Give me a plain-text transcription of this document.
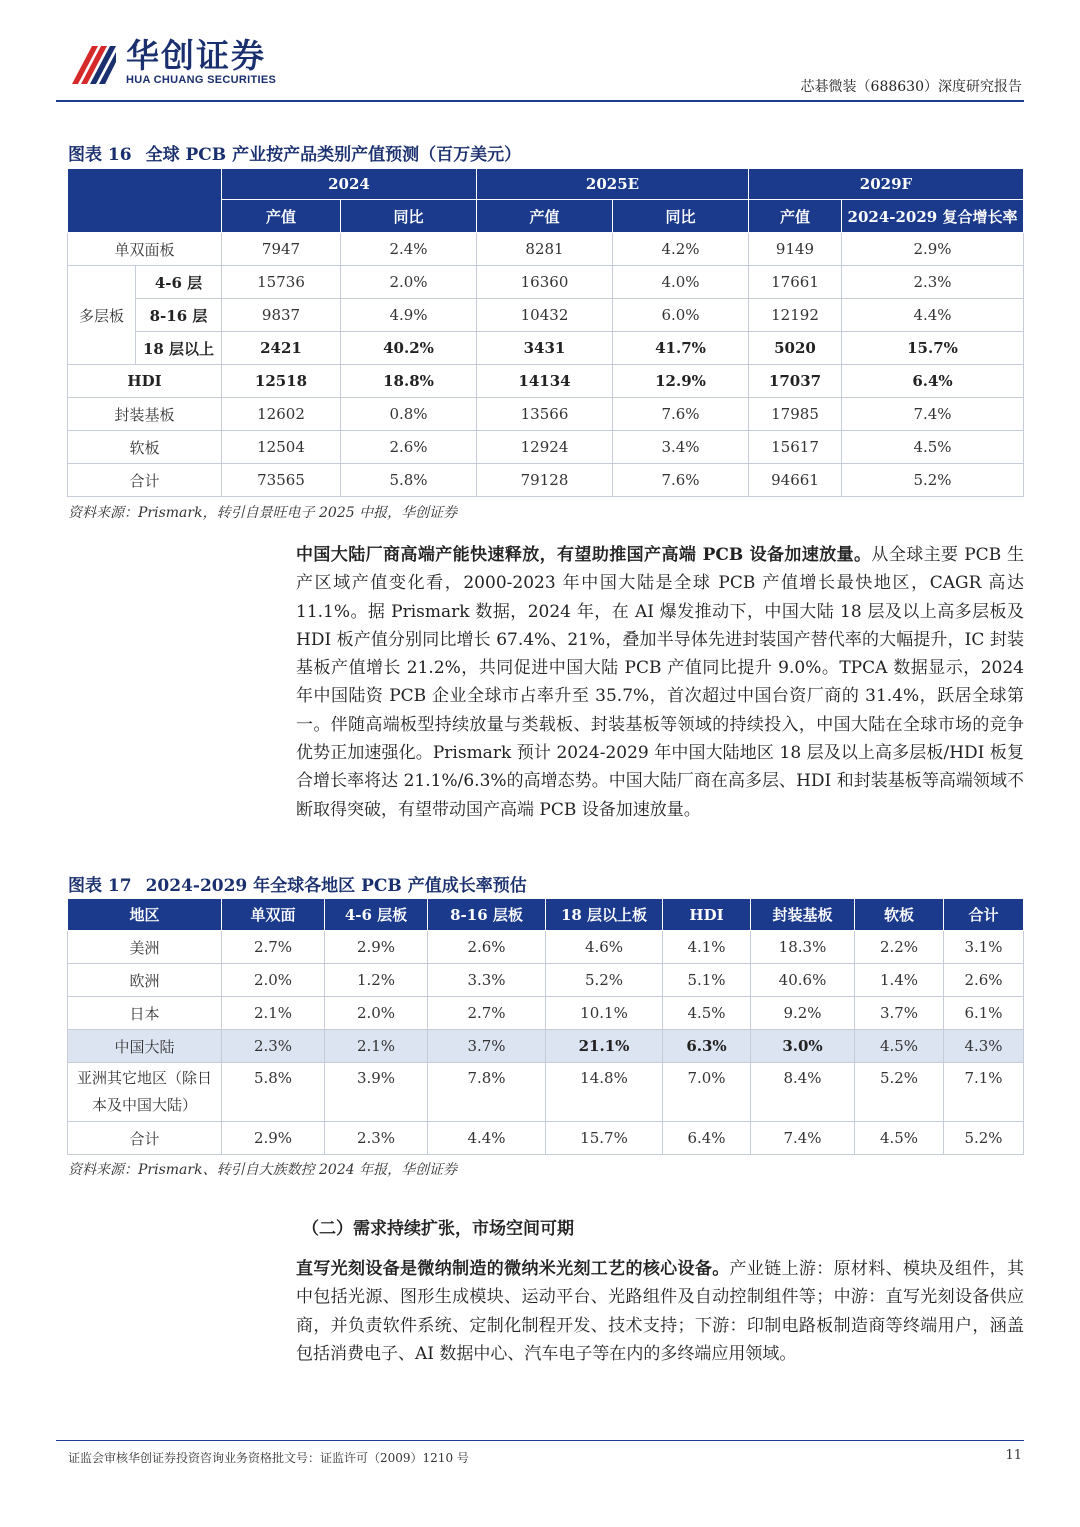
华创证券
HUA CHUANG SECURITIES	芯碁微装（688630）深度研究报告
图表 16 全球 PCB 产业按产品类别产值预测（百万美元）
		2024		2025E		2029F	
		产值	同比	产值	同比	产值	2024-2029 复合增长率
单双面板		7947	2.4%	8281	4.2%	9149	2.9%
多层板	4-6 层	15736	2.0%	16360	4.0%	17661	2.3%
	8-16 层	9837	4.9%	10432	6.0%	12192	4.4%
	18 层以上	2421	40.2%	3431	41.7%	5020	15.7%
HDI		12518	18.8%	14134	12.9%	17037	6.4%
封装基板		12602	0.8%	13566	7.6%	17985	7.4%
软板		12504	2.6%	12924	3.4%	15617	4.5%
合计		73565	5.8%	79128	7.6%	94661	5.2%
资料来源：Prismark，转引自景旺电子 2025 中报，华创证券
中国大陆厂商高端产能快速释放，有望助推国产高端 PCB 设备加速放量。从全球主要 PCB 生产区域产值变化看，2000-2023 年中国大陆是全球 PCB 产值增长最快地区，CAGR 高达 11.1%。据 Prismark 数据，2024 年，在 AI 爆发推动下，中国大陆 18 层及以上高多层板及 HDI 板产值分别同比增长 67.4%、21%，叠加半导体先进封装国产替代率的大幅提升，IC 封装基板产值增长 21.2%，共同促进中国大陆 PCB 产值同比提升 9.0%。TPCA 数据显示，2024 年中国陆资 PCB 企业全球市占率升至 35.7%，首次超过中国台资厂商的 31.4%，跃居全球第一。伴随高端板型持续放量与类载板、封装基板等领域的持续投入，中国大陆在全球市场的竞争优势正加速强化。Prismark 预计 2024-2029 年中国大陆地区 18 层及以上高多层板/HDI 板复合增长率将达 21.1%/6.3%的高增态势。中国大陆厂商在高多层、HDI 和封装基板等高端领域不断取得突破，有望带动国产高端 PCB 设备加速放量。
图表 17 2024-2029 年全球各地区 PCB 产值成长率预估
地区	单双面	4-6 层板	8-16 层板	18 层以上板	HDI	封装基板	软板	合计
美洲	2.7%	2.9%	2.6%	4.6%	4.1%	18.3%	2.2%	3.1%
欧洲	2.0%	1.2%	3.3%	5.2%	5.1%	40.6%	1.4%	2.6%
日本	2.1%	2.0%	2.7%	10.1%	4.5%	9.2%	3.7%	6.1%
中国大陆	2.3%	2.1%	3.7%	21.1%	6.3%	3.0%	4.5%	4.3%
亚洲其它地区（除日本及中国大陆）	5.8%	3.9%	7.8%	14.8%	7.0%	8.4%	5.2%	7.1%
合计	2.9%	2.3%	4.4%	15.7%	6.4%	7.4%	4.5%	5.2%
资料来源：Prismark、转引自大族数控 2024 年报，华创证券
（二）需求持续扩张，市场空间可期
直写光刻设备是微纳制造的微纳米光刻工艺的核心设备。产业链上游：原材料、模块及组件，其中包括光源、图形生成模块、运动平台、光路组件及自动控制组件等；中游：直写光刻设备供应商，并负责软件系统、定制化制程开发、技术支持；下游：印制电路板制造商等终端用户，涵盖包括消费电子、AI 数据中心、汽车电子等在内的多终端应用领域。
证监会审核华创证券投资咨询业务资格批文号：证监许可（2009）1210 号	11
